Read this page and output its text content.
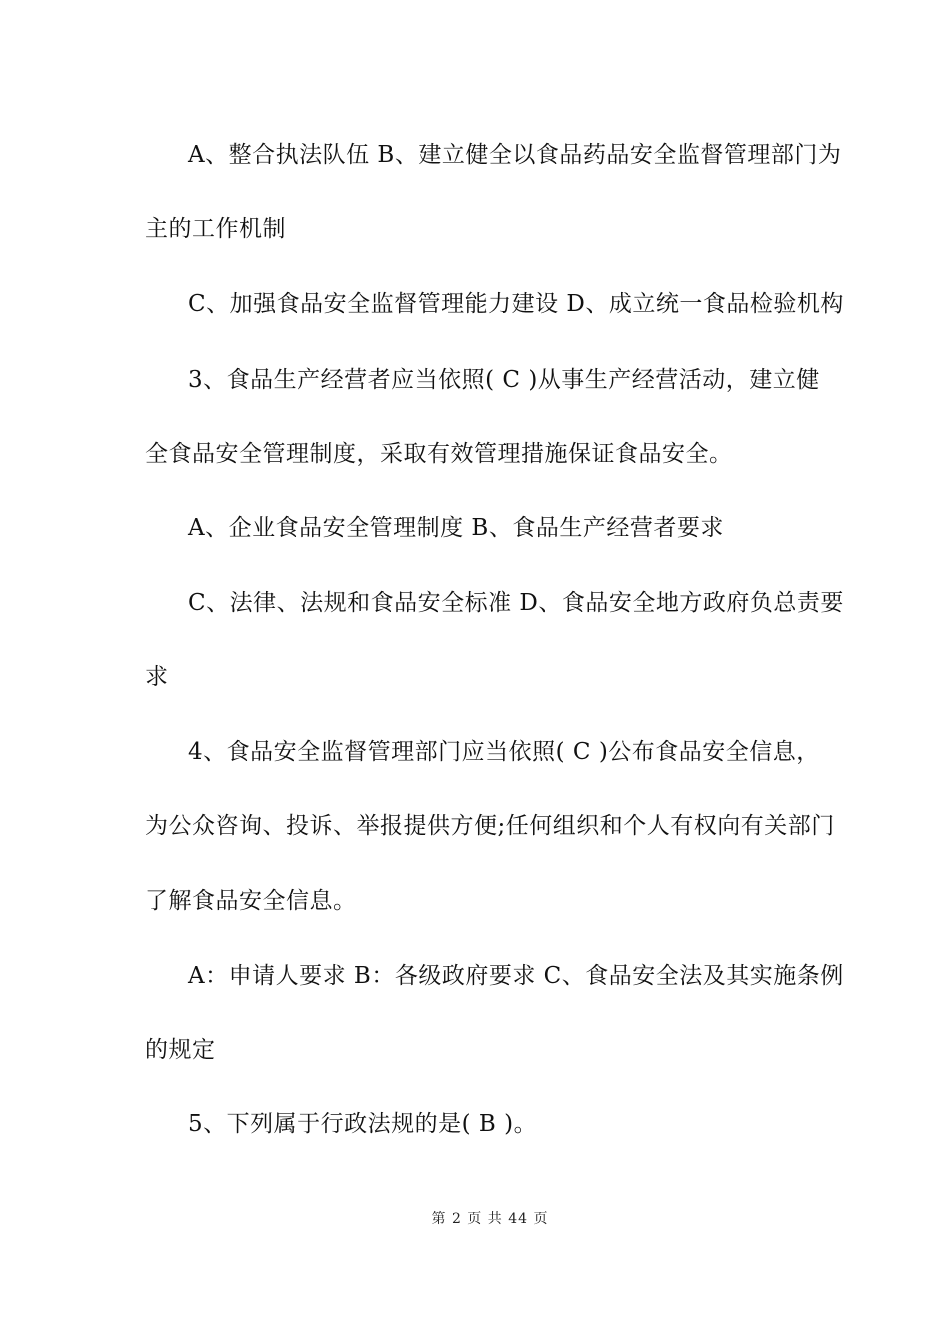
A、整合执法队伍 B、建立健全以食品药品安全监督管理部门为
主的工作机制
C、加强食品安全监督管理能力建设 D、成立统一食品检验机构
3、食品生产经营者应当依照( C )从事生产经营活动，建立健
全食品安全管理制度，采取有效管理措施保证食品安全。
A、企业食品安全管理制度 B、食品生产经营者要求
C、法律、法规和食品安全标准 D、食品安全地方政府负总责要
求
4、食品安全监督管理部门应当依照( C )公布食品安全信息，
为公众咨询、投诉、举报提供方便;任何组织和个人有权向有关部门
了解食品安全信息。
A：申请人要求 B：各级政府要求 C、食品安全法及其实施条例
的规定
5、下列属于行政法规的是( B )。
第 2 页 共 44 页
